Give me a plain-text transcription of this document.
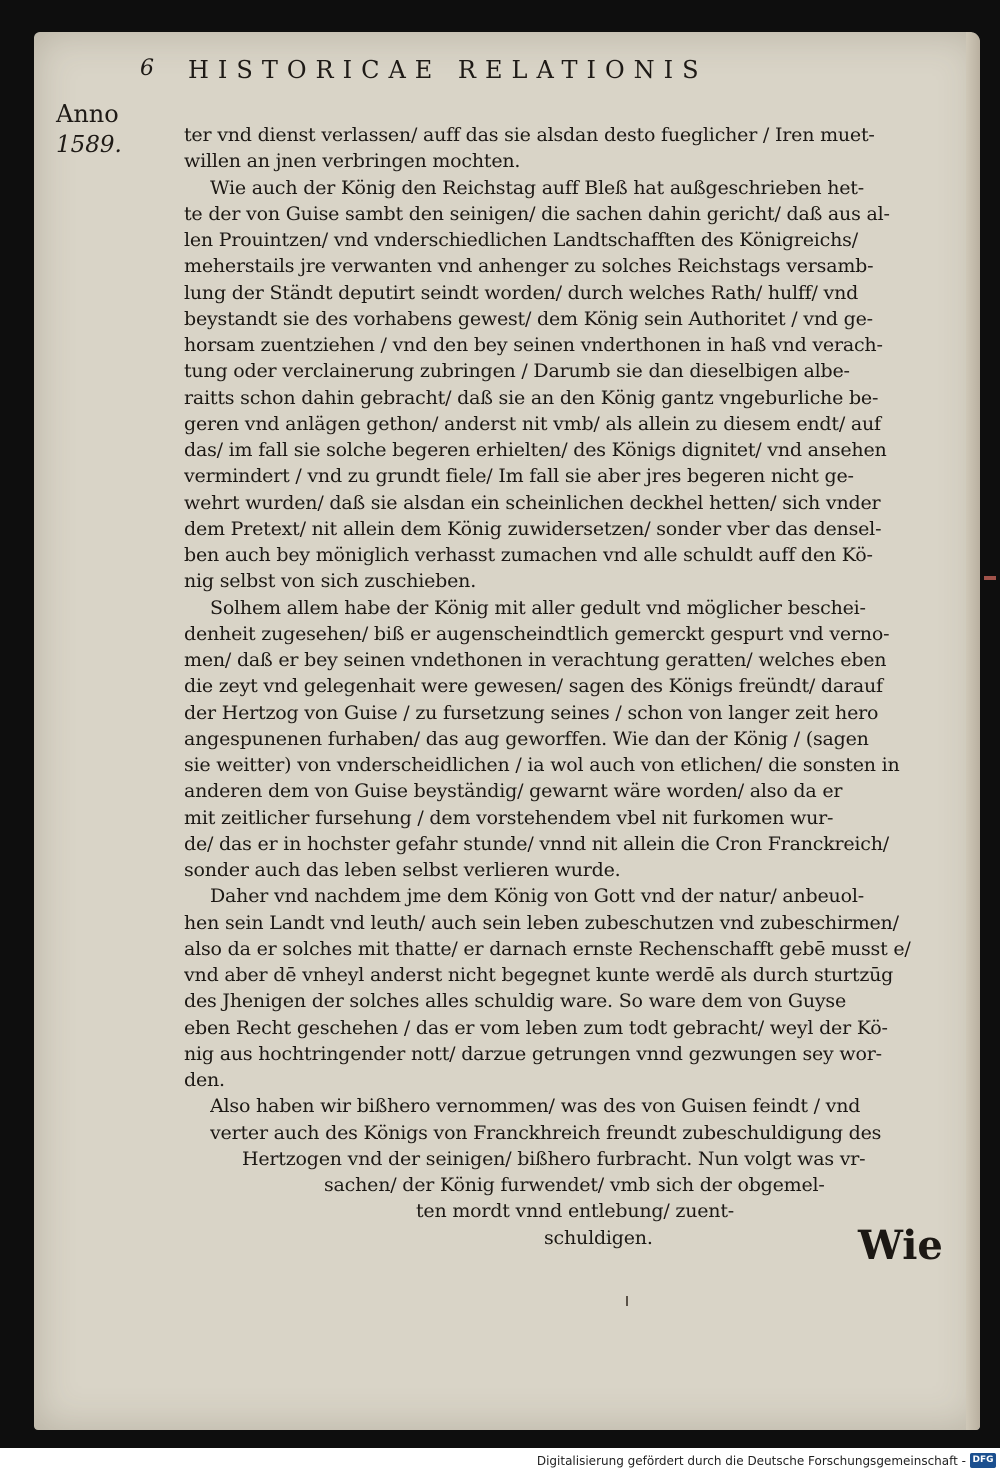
6 HISTORICAE RELATIONIS
Anno
1589.	ter vnd dienst verlassen/ auff das sie alsdan desto fueglicher / Iren muet-
willen an jnen verbringen mochten.
Wie auch der König den Reichstag auff Bleß hat außgeschrieben het-
te der von Guise sambt den seinigen/ die sachen dahin gericht/ daß aus al-
len Prouintzen/ vnd vnderschiedlichen Landtschafften des Königreichs/
meherstails jre verwanten vnd anhenger zu solches Reichstags versamb-
lung der Ständt deputirt seindt worden/ durch welches Rath/ hulff/ vnd
beystandt sie des vorhabens gewest/ dem König sein Authoritet / vnd ge-
horsam zuentziehen / vnd den bey seinen vnderthonen in haß vnd verach-
tung oder verclainerung zubringen / Darumb sie dan dieselbigen albe-
raitts schon dahin gebracht/ daß sie an den König gantz vngeburliche be-
geren vnd anlägen gethon/ anderst nit vmb/ als allein zu diesem endt/ auf
das/ im fall sie solche begeren erhielten/ des Königs dignitet/ vnd ansehen
vermindert / vnd zu grundt fiele/ Im fall sie aber jres begeren nicht ge-
wehrt wurden/ daß sie alsdan ein scheinlichen deckhel hetten/ sich vnder
dem Pretext/ nit allein dem König zuwidersetzen/ sonder vber das densel-
ben auch bey möniglich verhasst zumachen vnd alle schuldt auff den Kö-
nig selbst von sich zuschieben.
Solhem allem habe der König mit aller gedult vnd möglicher beschei-
denheit zugesehen/ biß er augenscheindtlich gemerckt gespurt vnd verno-
men/ daß er bey seinen vndethonen in verachtung geratten/ welches eben
die zeyt vnd gelegenhait were gewesen/ sagen des Königs freündt/ darauf
der Hertzog von Guise / zu fursetzung seines / schon von langer zeit hero
angespunenen furhaben/ das aug geworffen. Wie dan der König / (sagen
sie weitter) von vnderscheidlichen / ia wol auch von etlichen/ die sonsten in
anderen dem von Guise beyständig/ gewarnt wäre worden/ also da er
mit zeitlicher fursehung / dem vorstehendem vbel nit furkomen wur-
de/ das er in hochster gefahr stunde/ vnnd nit allein die Cron Franckreich/
sonder auch das leben selbst verlieren wurde.
Daher vnd nachdem jme dem König von Gott vnd der natur/ anbeuol-
hen sein Landt vnd leuth/ auch sein leben zubeschutzen vnd zubeschirmen/
also da er solches mit thatte/ er darnach ernste Rechenschafft gebē musst e/
vnd aber dē vnheyl anderst nicht begegnet kunte werdē als durch sturtzūg
des Jhenigen der solches alles schuldig ware. So ware dem von Guyse
eben Recht geschehen / das er vom leben zum todt gebracht/ weyl der Kö-
nig aus hochtringender nott/ darzue getrungen vnnd gezwungen sey wor-
den.
Also haben wir bißhero vernommen/ was des von Guisen feindt / vnd
verter auch des Königs von Franckhreich freundt zubeschuldigung des
Hertzogen vnd der seinigen/ bißhero furbracht. Nun volgt was vr-
sachen/ der König furwendet/ vmb sich der obgemel-
ten mordt vnnd entlebung/ zuent-
schuldigen.	Wie
Digitalisierung gefördert durch die Deutsche Forschungsgemeinschaft - DFG
